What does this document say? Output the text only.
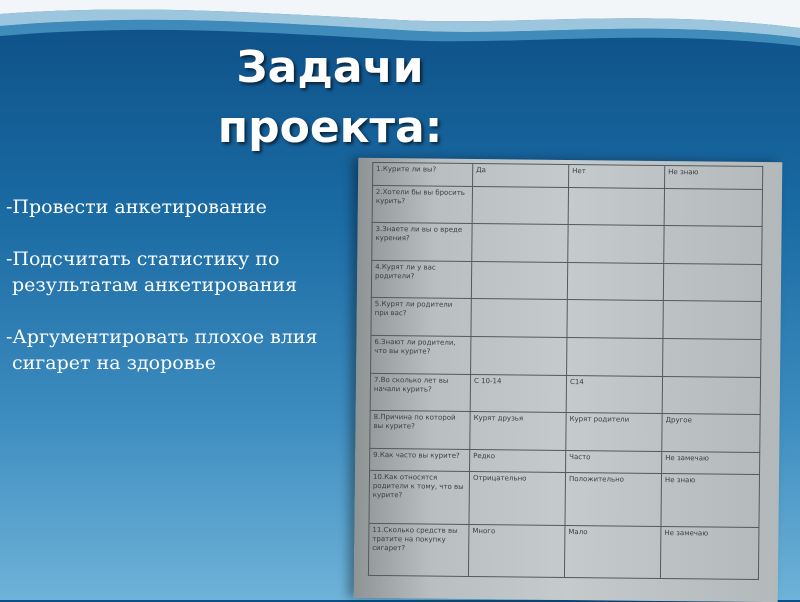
Задачи
проекта:
-Провести анкетирование
-Подсчитать статистику по
результатам анкетирования
-Аргументировать плохое влия
сигарет на здоровье
1.Курите ли вы?	Да	Нет	Не знаю
2.Хотели бы вы бросить курить?			
3.Знаете ли вы о вреде курения?			
4.Курят ли у вас родители?			
5.Курят ли родители при вас?			
6.Знают ли родители, что вы курите?			
7.Во сколько лет вы начали курить?	С 10-14	С14	
8.Причина по которой вы курите?	Курят друзья	Курят родители	Другое
9.Как часто вы курите?	Редко	Часто	Не замечаю
10.Как относятся родители к тому, что вы курите?	Отрицательно	Положительно	Не знаю
11.Сколько средств вы тратите на покупку сигарет?	Много	Мало	Не замечаю
